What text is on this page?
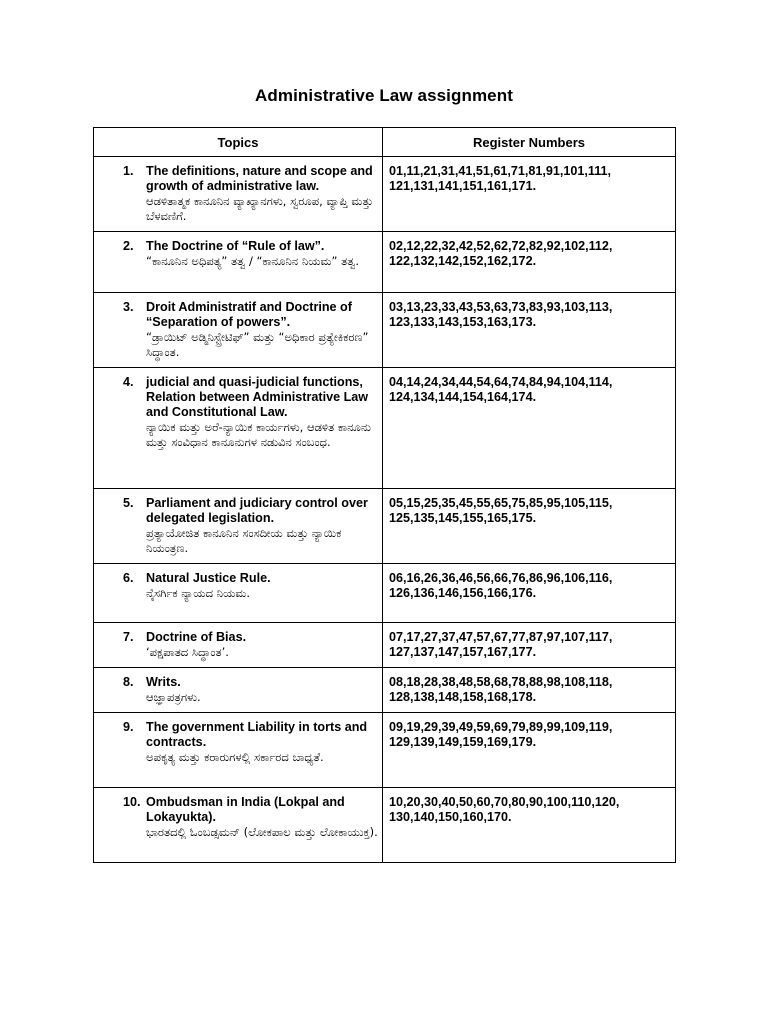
Administrative Law assignment
Topics	Register Numbers

1. The definitions, nature and scope and growth of administrative law.
ಆಡಳಿತಾತ್ಮಕ ಕಾನೂನಿನ ವ್ಯಾಖ್ಯಾನಗಳು, ಸ್ವರೂಪ, ವ್ಯಾಪ್ತಿ ಮತ್ತು ಬೆಳವಣಿಗೆ.	01,11,21,31,41,51,61,71,81,91,101,111,
121,131,141,151,161,171.

2. The Doctrine of “Rule of law”.
“ಕಾನೂನಿನ ಅಧಿಪತ್ಯ” ತತ್ವ / “ಕಾನೂನಿನ ನಿಯಮ” ತತ್ವ.	02,12,22,32,42,52,62,72,82,92,102,112,
122,132,142,152,162,172.

3. Droit Administratif and Doctrine of “Separation of powers”.
“ಡ್ರಾಯಿಟ್ ಅಡ್ಮಿನಿಸ್ಟ್ರೇಟಿಫ್” ಮತ್ತು “ಅಧಿಕಾರ ಪ್ರತ್ಯೇಕಿಕರಣ” ಸಿದ್ಧಾಂತ.	03,13,23,33,43,53,63,73,83,93,103,113,
123,133,143,153,163,173.

4. judicial and quasi-judicial functions, Relation between Administrative Law and Constitutional Law.
ನ್ಯಾಯಿಕ ಮತ್ತು ಅರೆ-ನ್ಯಾಯಿಕ ಕಾರ್ಯಗಳು, ಆಡಳಿತ ಕಾನೂನು ಮತ್ತು ಸಂವಿಧಾನ ಕಾನೂನುಗಳ ನಡುವಿನ ಸಂಬಂಧ.	04,14,24,34,44,54,64,74,84,94,104,114,
124,134,144,154,164,174.

5. Parliament and judiciary control over delegated legislation.
ಪ್ರತ್ಯಾಯೋಜಿತ ಕಾನೂನಿನ ಸಂಸದೀಯ ಮತ್ತು ನ್ಯಾಯಿಕ ನಿಯಂತ್ರಣ.	05,15,25,35,45,55,65,75,85,95,105,115,
125,135,145,155,165,175.

6. Natural Justice Rule.
ನೈಸರ್ಗಿಕ ನ್ಯಾಯದ ನಿಯಮ.	06,16,26,36,46,56,66,76,86,96,106,116,
126,136,146,156,166,176.

7. Doctrine of Bias.
‘ಪಕ್ಷಪಾತದ ಸಿದ್ಧಾಂತ’.	07,17,27,37,47,57,67,77,87,97,107,117,
127,137,147,157,167,177.

8. Writs.
ಆಜ್ಞಾಪತ್ರಗಳು.	08,18,28,38,48,58,68,78,88,98,108,118,
128,138,148,158,168,178.

9. The government Liability in torts and contracts.
ಅಪಕೃತ್ಯ ಮತ್ತು ಕರಾರುಗಳಲ್ಲಿ ಸರ್ಕಾರದ ಬಾಧ್ಯತೆ.	09,19,29,39,49,59,69,79,89,99,109,119,
129,139,149,159,169,179.

10. Ombudsman in India (Lokpal and Lokayukta).
ಭಾರತದಲ್ಲಿ ಓಂಬಡ್ಸಮನ್ (ಲೋಕಪಾಲ ಮತ್ತು ಲೋಕಾಯುಕ್ತ).	10,20,30,40,50,60,70,80,90,100,110,120,
130,140,150,160,170.
